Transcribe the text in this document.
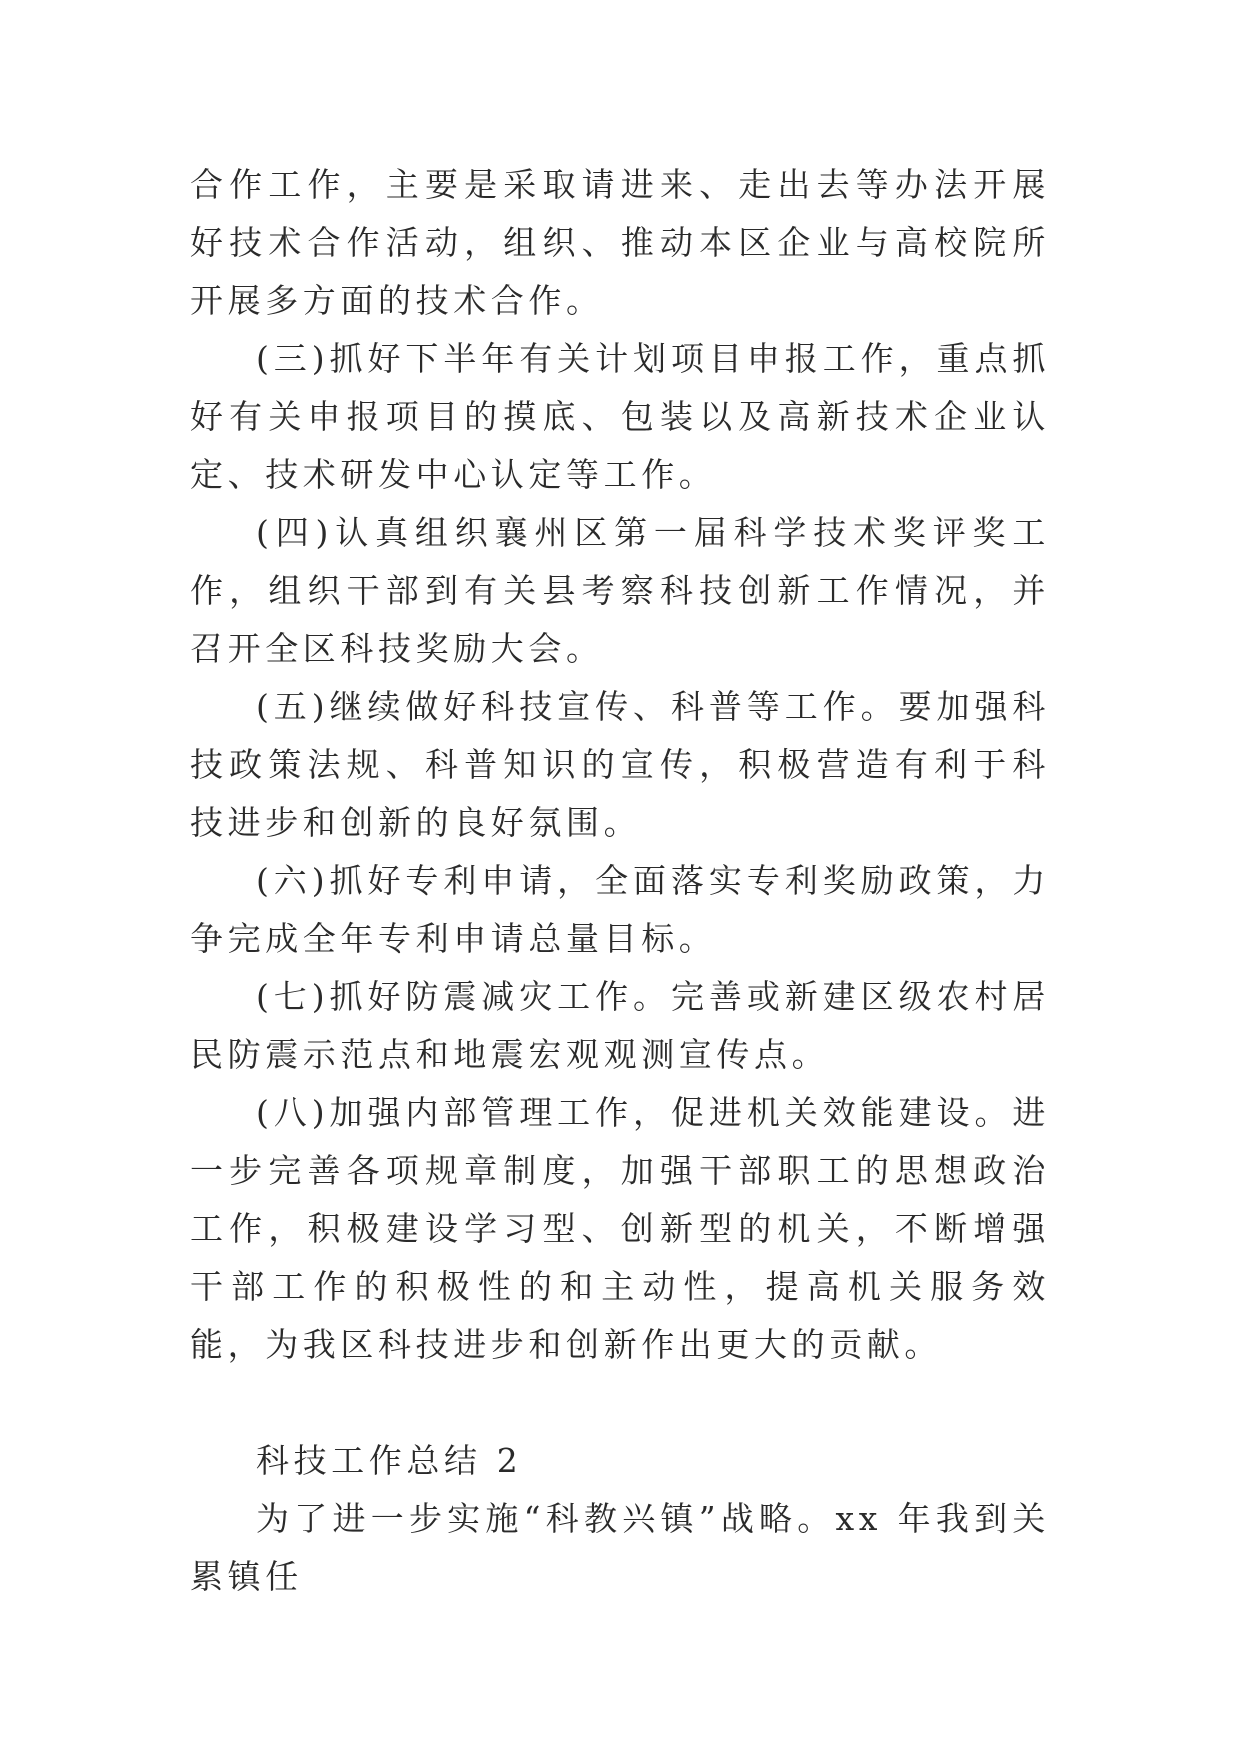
合作工作，主要是采取请进来、走出去等办法开展好技术合作活动，组织、推动本区企业与高校院所开展多方面的技术合作。

(三)抓好下半年有关计划项目申报工作，重点抓好有关申报项目的摸底、包装以及高新技术企业认定、技术研发中心认定等工作。

(四)认真组织襄州区第一届科学技术奖评奖工作，组织干部到有关县考察科技创新工作情况，并召开全区科技奖励大会。

(五)继续做好科技宣传、科普等工作。要加强科技政策法规、科普知识的宣传，积极营造有利于科技进步和创新的良好氛围。

(六)抓好专利申请，全面落实专利奖励政策，力争完成全年专利申请总量目标。

(七)抓好防震减灾工作。完善或新建区级农村居民防震示范点和地震宏观观测宣传点。

(八)加强内部管理工作，促进机关效能建设。进一步完善各项规章制度，加强干部职工的思想政治工作，积极建设学习型、创新型的机关，不断增强干部工作的积极性的和主动性，提高机关服务效能，为我区科技进步和创新作出更大的贡献。

科技工作总结 2

为了进一步实施“科教兴镇”战略。xx 年我到关累镇任
